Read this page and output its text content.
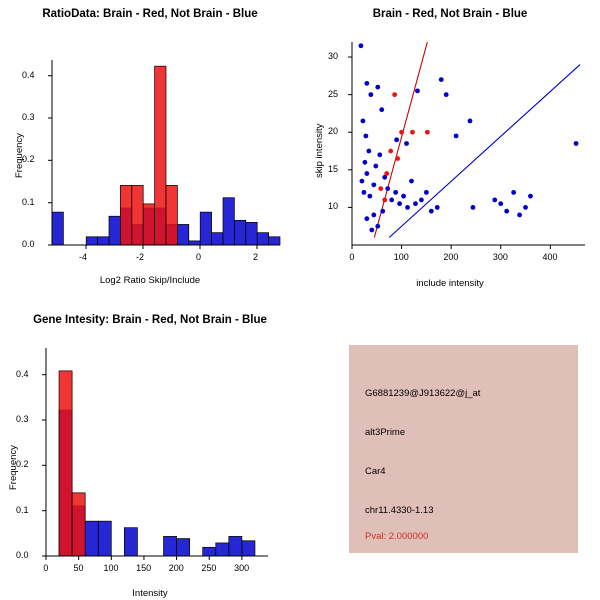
RatioData: Brain - Red, Not Brain - Blue
0.0
0.1
0.2
0.3
0.4
-4	-2	0	2
Log2 Ratio Skip/Include
Frequency
Brain - Red, Not Brain - Blue
10
15
20
25
30
0	100	200	300	400
include intensity
skip intensity
Gene Intesity: Brain - Red, Not Brain - Blue
0.0
0.1
0.2
0.3
0.4
0	50 100 150 200 250 300
Intensity
Frequency
G6881239@J913622@j_at
alt3Prime
Car4
chr11.4330-1.13
Pval: 2.000000
